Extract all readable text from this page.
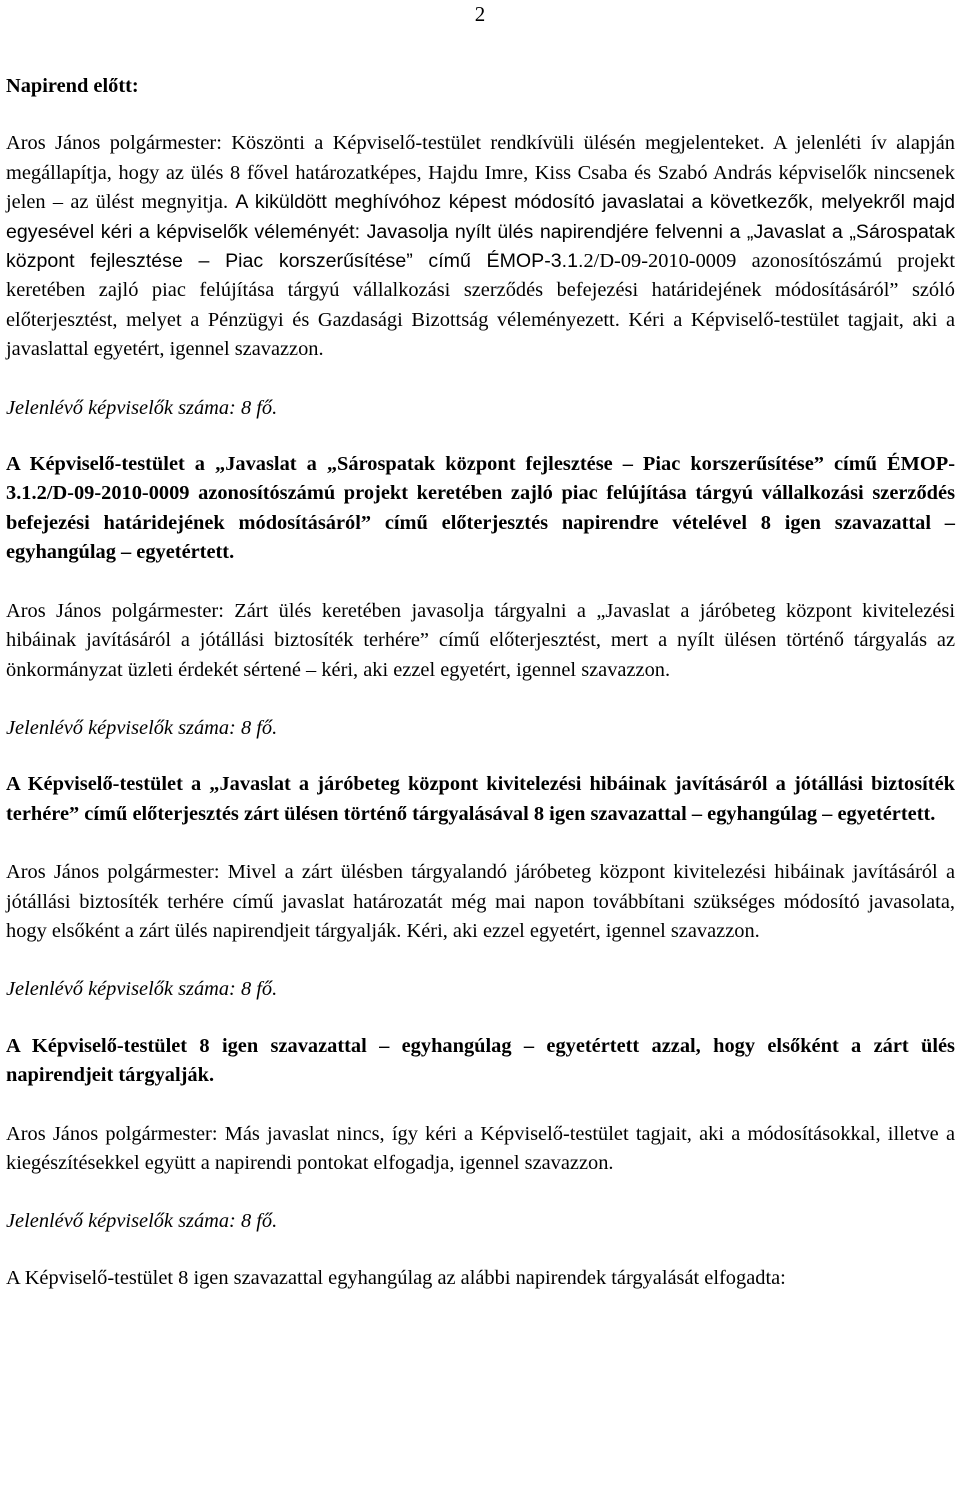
2

Napirend előtt:

Aros János polgármester: Köszönti a Képviselő-testület rendkívüli ülésén megjelenteket. A jelenléti ív alapján megállapítja, hogy az ülés 8 fővel határozatképes, Hajdu Imre, Kiss Csaba és Szabó András képviselők nincsenek jelen – az ülést megnyitja. A kiküldött meghívóhoz képest módosító javaslatai a következők, melyekről majd egyesével kéri a képviselők véleményét: Javasolja nyílt ülés napirendjére felvenni a „Javaslat a „Sárospatak központ fejlesztése – Piac korszerűsítése” című ÉMOP-3.1.2/D-09-2010-0009 azonosítószámú projekt keretében zajló piac felújítása tárgyú vállalkozási szerződés befejezési határidejének módosításáról” szóló előterjesztést, melyet a Pénzügyi és Gazdasági Bizottság véleményezett. Kéri a Képviselő-testület tagjait, aki a javaslattal egyetért, igennel szavazzon.

Jelenlévő képviselők száma: 8 fő.

A Képviselő-testület a „Javaslat a „Sárospatak központ fejlesztése – Piac korszerűsítése” című ÉMOP-3.1.2/D-09-2010-0009 azonosítószámú projekt keretében zajló piac felújítása tárgyú vállalkozási szerződés befejezési határidejének módosításáról” című előterjesztés napirendre vételével 8 igen szavazattal – egyhangúlag – egyetértett.

Aros János polgármester: Zárt ülés keretében javasolja tárgyalni a „Javaslat a járóbeteg központ kivitelezési hibáinak javításáról a jótállási biztosíték terhére” című előterjesztést, mert a nyílt ülésen történő tárgyalás az önkormányzat üzleti érdekét sértené – kéri, aki ezzel egyetért, igennel szavazzon.

Jelenlévő képviselők száma: 8 fő.

A Képviselő-testület a „Javaslat a járóbeteg központ kivitelezési hibáinak javításáról a jótállási biztosíték terhére” című előterjesztés zárt ülésen történő tárgyalásával 8 igen szavazattal – egyhangúlag – egyetértett.

Aros János polgármester: Mivel a zárt ülésben tárgyalandó járóbeteg központ kivitelezési hibáinak javításáról a jótállási biztosíték terhére című javaslat határozatát még mai napon továbbítani szükséges módosító javasolata, hogy elsőként a zárt ülés napirendjeit tárgyalják. Kéri, aki ezzel egyetért, igennel szavazzon.

Jelenlévő képviselők száma: 8 fő.

A Képviselő-testület 8 igen szavazattal – egyhangúlag – egyetértett azzal, hogy elsőként a zárt ülés napirendjeit tárgyalják.

Aros János polgármester: Más javaslat nincs, így kéri a Képviselő-testület tagjait, aki a módosításokkal, illetve a kiegészítésekkel együtt a napirendi pontokat elfogadja, igennel szavazzon.

Jelenlévő képviselők száma: 8 fő.

A Képviselő-testület 8 igen szavazattal egyhangúlag az alábbi napirendek tárgyalását elfogadta:
